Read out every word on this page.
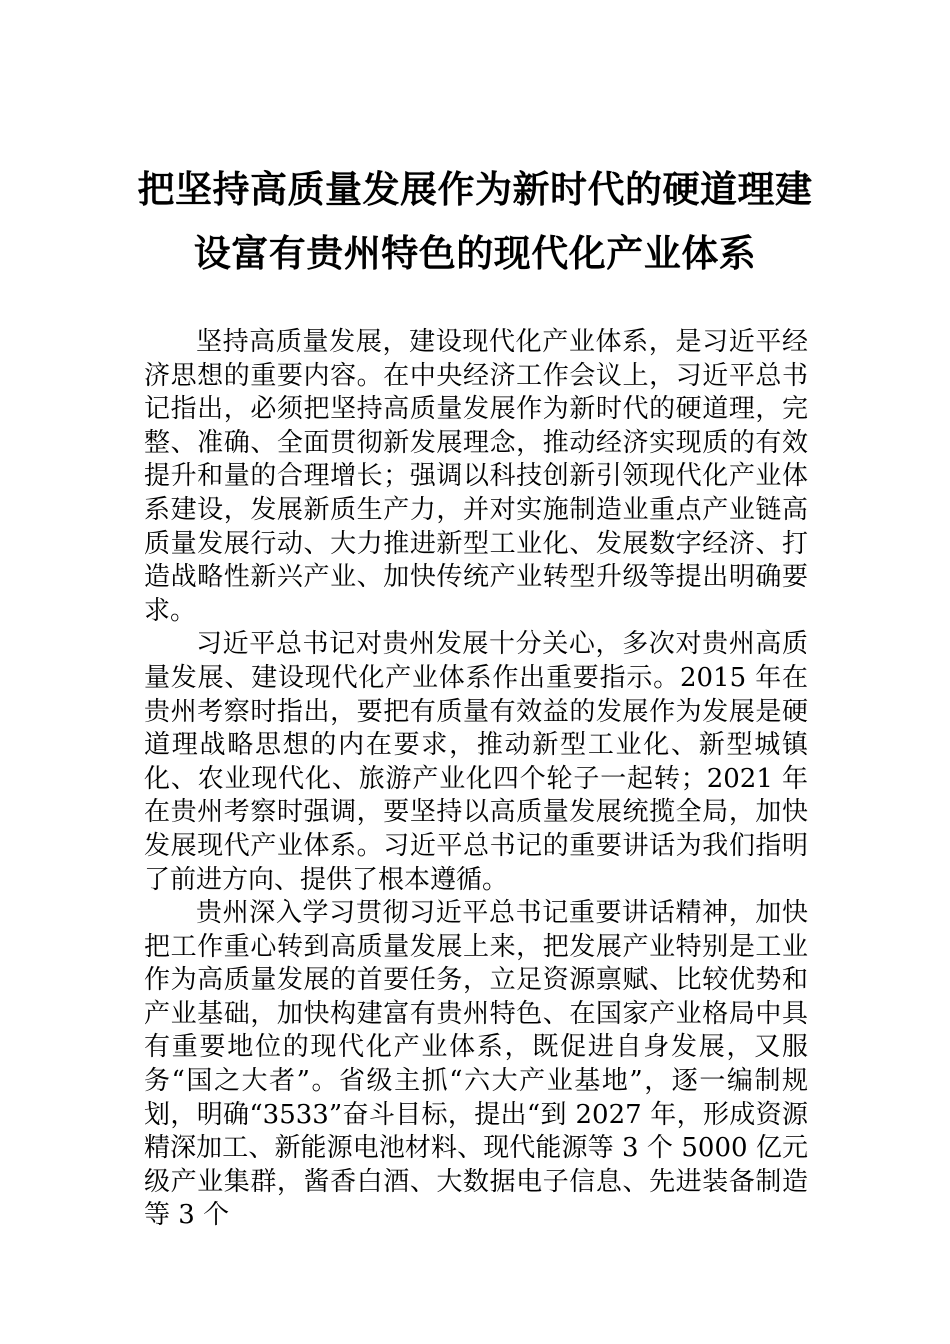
把坚持高质量发展作为新时代的硬道理建
设富有贵州特色的现代化产业体系

坚持高质量发展，建设现代化产业体系，是习近平经济思想的重要内容。在中央经济工作会议上，习近平总书记指出，必须把坚持高质量发展作为新时代的硬道理，完整、准确、全面贯彻新发展理念，推动经济实现质的有效提升和量的合理增长；强调以科技创新引领现代化产业体系建设，发展新质生产力，并对实施制造业重点产业链高质量发展行动、大力推进新型工业化、发展数字经济、打造战略性新兴产业、加快传统产业转型升级等提出明确要求。

习近平总书记对贵州发展十分关心，多次对贵州高质量发展、建设现代化产业体系作出重要指示。2015 年在贵州考察时指出，要把有质量有效益的发展作为发展是硬道理战略思想的内在要求，推动新型工业化、新型城镇化、农业现代化、旅游产业化四个轮子一起转；2021 年在贵州考察时强调，要坚持以高质量发展统揽全局，加快发展现代产业体系。习近平总书记的重要讲话为我们指明了前进方向、提供了根本遵循。

贵州深入学习贯彻习近平总书记重要讲话精神，加快把工作重心转到高质量发展上来，把发展产业特别是工业作为高质量发展的首要任务，立足资源禀赋、比较优势和产业基础，加快构建富有贵州特色、在国家产业格局中具有重要地位的现代化产业体系，既促进自身发展，又服务“国之大者”。省级主抓“六大产业基地”，逐一编制规划，明确“3533”奋斗目标，提出“到 2027 年，形成资源精深加工、新能源电池材料、现代能源等 3 个 5000 亿元级产业集群，酱香白酒、大数据电子信息、先进装备制造等 3 个
